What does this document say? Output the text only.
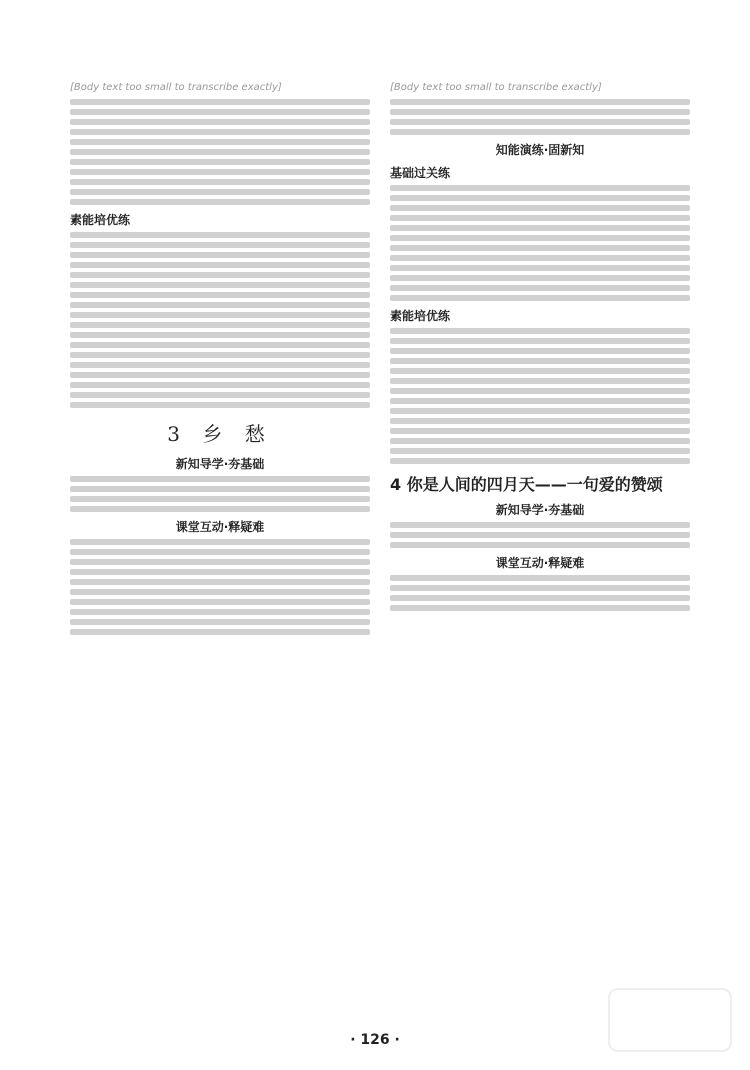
[Body text too small to transcribe exactly]

素能培优练
3 乡 愁
新知导学·夯基础
课堂互动·释疑难

[Body text too small to transcribe exactly]

知能演练·固新知
基础过关练
素能培优练
4 你是人间的四月天——一句爱的赞颂
新知导学·夯基础
课堂互动·释疑难
· 126 ·
